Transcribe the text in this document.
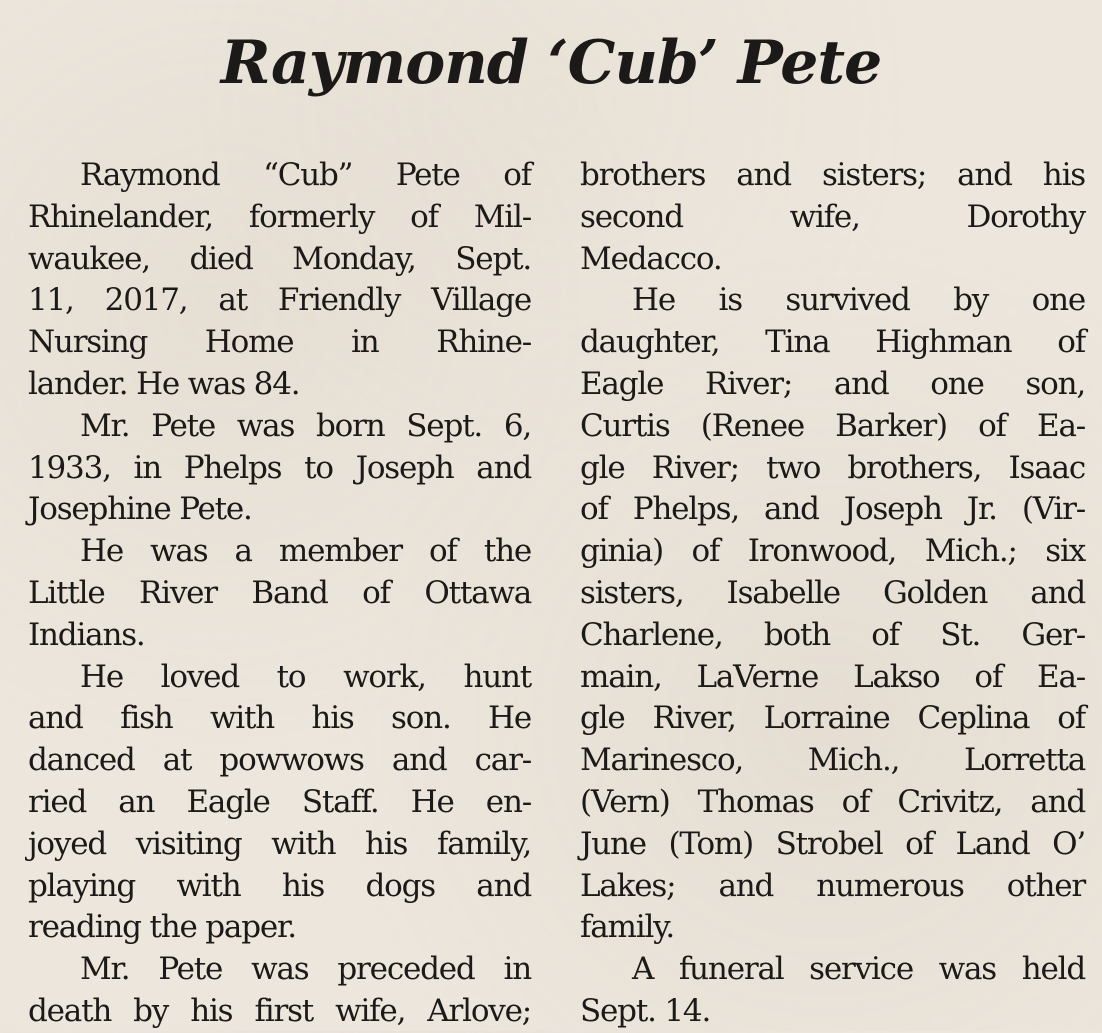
Raymond ‘Cub’ Pete
Raymond “Cub” Pete of
Rhinelander, formerly of Mil-
waukee, died Monday, Sept.
11, 2017, at Friendly Village
Nursing Home in Rhine-
lander. He was 84.
Mr. Pete was born Sept. 6,
1933, in Phelps to Joseph and
Josephine Pete.
He was a member of the
Little River Band of Ottawa
Indians.
He loved to work, hunt
and fish with his son. He
danced at powwows and car-
ried an Eagle Staff. He en-
joyed visiting with his family,
playing with his dogs and
reading the paper.
Mr. Pete was preceded in
death by his first wife, Arlove;
brothers and sisters; and his
second wife, Dorothy
Medacco.
He is survived by one
daughter, Tina Highman of
Eagle River; and one son,
Curtis (Renee Barker) of Ea-
gle River; two brothers, Isaac
of Phelps, and Joseph Jr. (Vir-
ginia) of Ironwood, Mich.; six
sisters, Isabelle Golden and
Charlene, both of St. Ger-
main, LaVerne Lakso of Ea-
gle River, Lorraine Ceplina of
Marinesco, Mich., Lorretta
(Vern) Thomas of Crivitz, and
June (Tom) Strobel of Land O’
Lakes; and numerous other
family.
A funeral service was held
Sept. 14.
